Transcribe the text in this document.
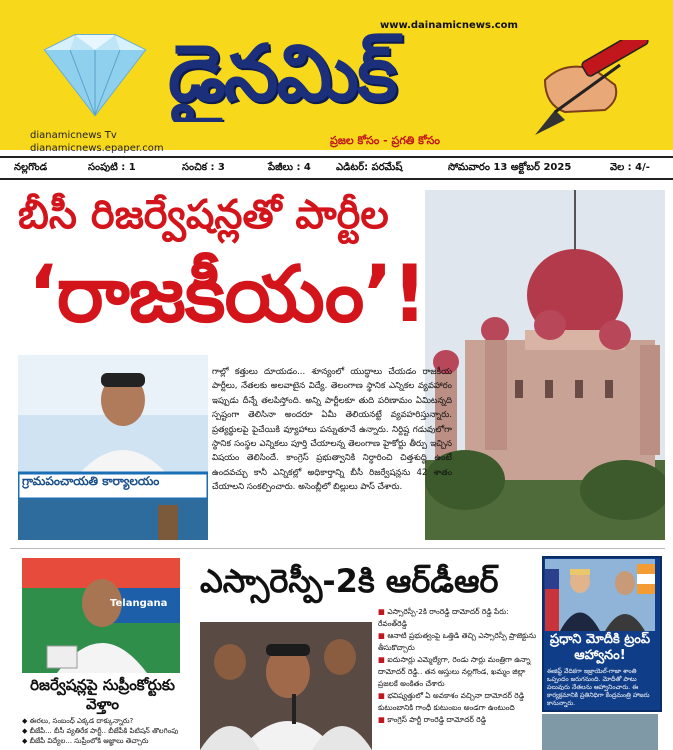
www.dainamicnews.com
dianamicnews Tv
dianamicnews.epaper.com
డైనమిక్
ప్రజల కోసం - ప్రగతి కోసం
నల్లగొండ	సంపుటి : 1	సంచిక : 3	పేజీలు : 4	ఎడిటర్: పరమేష్	సోమవారం 13 అక్టోబర్ 2025	వెల : 4/-
బీసీ రిజర్వేషన్లతో పార్టీల
‘రాజకీయం’!
గ్రామపంచాయతి కార్యాలయం
గాల్లో కత్తులు దూయడం... శూన్యంలో యుద్ధాలు చేయడం రాజకీయ పార్టీలు, నేతలకు అలవాటైన విద్యే. తెలంగాణ స్థానిక ఎన్నికల వ్యవహారం ఇప్పుడు దీన్నే తలపిస్తోంది. అన్ని పార్టీలకూ తుది పరిణామం ఏమిటన్నది స్పష్టంగా తెలిసినా అందరూ ఏమీ తెలియనట్టే వ్యవహరిస్తున్నారు. ప్రత్యర్థులపై పైచేయికి వ్యూహాలు పన్నుతూనే ఉన్నారు. నిర్దిష్ట గడువులోగా స్థానిక సంస్థల ఎన్నికలు పూర్తి చేయాలన్న తెలంగాణ హైకోర్టు తీర్పు ఇచ్చిన విషయం తెలిసిందే. కాంగ్రెస్ ప్రభుత్వానికి నిర్ధారించి చిత్తశుద్ధి ఉంటే ఉందవచ్చు కానీ ఎన్నికల్లో అధికార్తాన్ని బీసీ రిజర్వేషన్లను 42 శాతం చేయాలని సంకల్పించారు. అసెంబ్లీలో బిల్లులు పాస్ చేశారు.
Telangana
రిజర్వేషన్లపై సుప్రీంకోర్టుకు వెళ్తాం
◆ ఈరలు, సంబంధ్ ఎక్కడ దాక్కున్నారు?
◆ బీజేపీ... బీసీ వ్యతిరేక పార్టీ.. బీజేపీకి పిటిషన్ తొలగింపు
◆ బీజేపీ విద్యేల... సుప్రీంలోకి ఆజ్ఞాలు తెచ్చారు
ఎస్సారెస్పీ-2కి ఆర్‌డీఆర్
■ ఎస్సారెస్పీ-2కి రాంరెడ్డి దామోదర్ రెడ్డి పేరు: రేవంత్‌రెడ్డి
■ ఆనాటి ప్రభుత్వంపై ఒత్తిడి తెచ్చి ఎస్సారెస్పీ ప్రాజెక్టును తీసుకొచ్చారు
■ ఐదుసార్లు ఎమ్మెల్యేగా, రెండు సార్లు మంత్రిగా ఉన్నా దామోదర్ రెడ్డి.. తన ఆస్తులు నల్లగొండ, ఖమ్మం జిల్లా ప్రజలకే అంకితం చేశారు
■ భవిష్యత్తులో ఏ అవకాశం వచ్చినా దామోదర్ రెడ్డి కుటుంబానికి గాంధీ కుటుంబం అండగా ఉంటుంది
■ కాంగ్రెస్ పార్టీ రాంరెడ్డి దామోదర్ రెడ్డి
ప్రధాని మోదీకి ట్రంప్ ఆహ్వానం!
ఈజిప్ట్ వేదికగా ఇజ్రాయెల్-గాజా శాంతి ఒప్పందం జరుగనుంది. మోదీతో పాటు పలువురు నేతలను ఆహ్వానించారు. ఈ కార్యక్రమానికి ప్రతినిధిగా కేంద్రమంత్రి హాజరు కానున్నారు.
